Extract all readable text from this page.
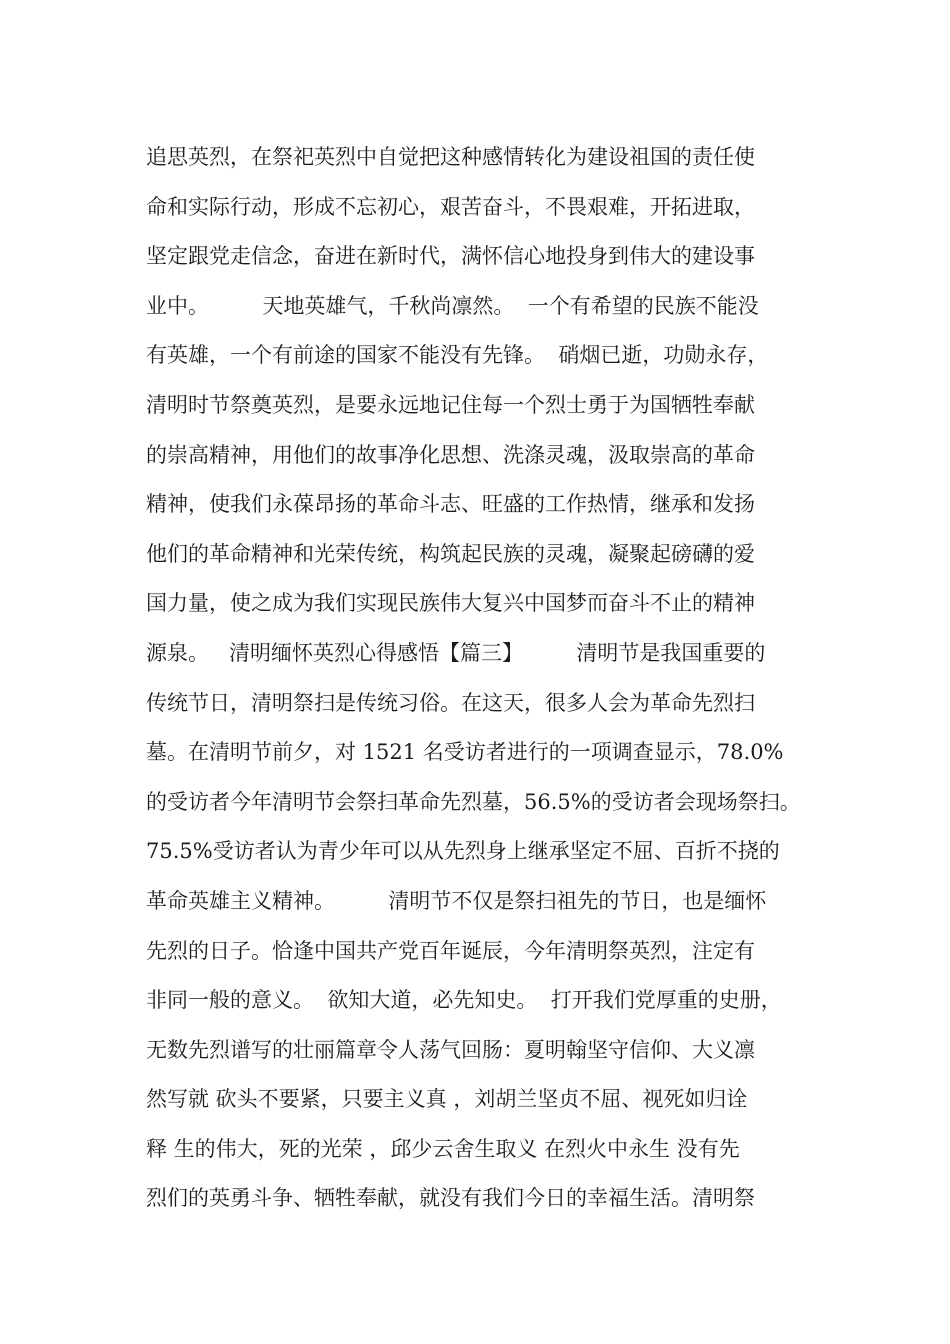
追思英烈，在祭祀英烈中自觉把这种感情转化为建设祖国的责任使
命和实际行动，形成不忘初心，艰苦奋斗，不畏艰难，开拓进取，
坚定跟党走信念，奋进在新时代，满怀信心地投身到伟大的建设事
业中。        天地英雄气，千秋尚凛然。  一个有希望的民族不能没
有英雄，一个有前途的国家不能没有先锋。  硝烟已逝，功勋永存，
清明时节祭奠英烈，是要永远地记住每一个烈士勇于为国牺牲奉献
的崇高精神，用他们的故事净化思想、洗涤灵魂，汲取崇高的革命
精神，使我们永葆昂扬的革命斗志、旺盛的工作热情，继承和发扬
他们的革命精神和光荣传统，构筑起民族的灵魂，凝聚起磅礴的爱
国力量，使之成为我们实现民族伟大复兴中国梦而奋斗不止的精神
源泉。   清明缅怀英烈心得感悟【篇三】        清明节是我国重要的
传统节日，清明祭扫是传统习俗。在这天，很多人会为革命先烈扫
墓。在清明节前夕，对 1521 名受访者进行的一项调查显示，78.0%
的受访者今年清明节会祭扫革命先烈墓，56.5%的受访者会现场祭扫。
75.5%受访者认为青少年可以从先烈身上继承坚定不屈、百折不挠的
革命英雄主义精神。        清明节不仅是祭扫祖先的节日，也是缅怀
先烈的日子。恰逢中国共产党百年诞辰，今年清明祭英烈，注定有
非同一般的意义。  欲知大道，必先知史。  打开我们党厚重的史册，
无数先烈谱写的壮丽篇章令人荡气回肠：夏明翰坚守信仰、大义凛
然写就 砍头不要紧，只要主义真 ，刘胡兰坚贞不屈、视死如归诠
释 生的伟大，死的光荣 ，邱少云舍生取义 在烈火中永生 没有先
烈们的英勇斗争、牺牲奉献，就没有我们今日的幸福生活。清明祭
